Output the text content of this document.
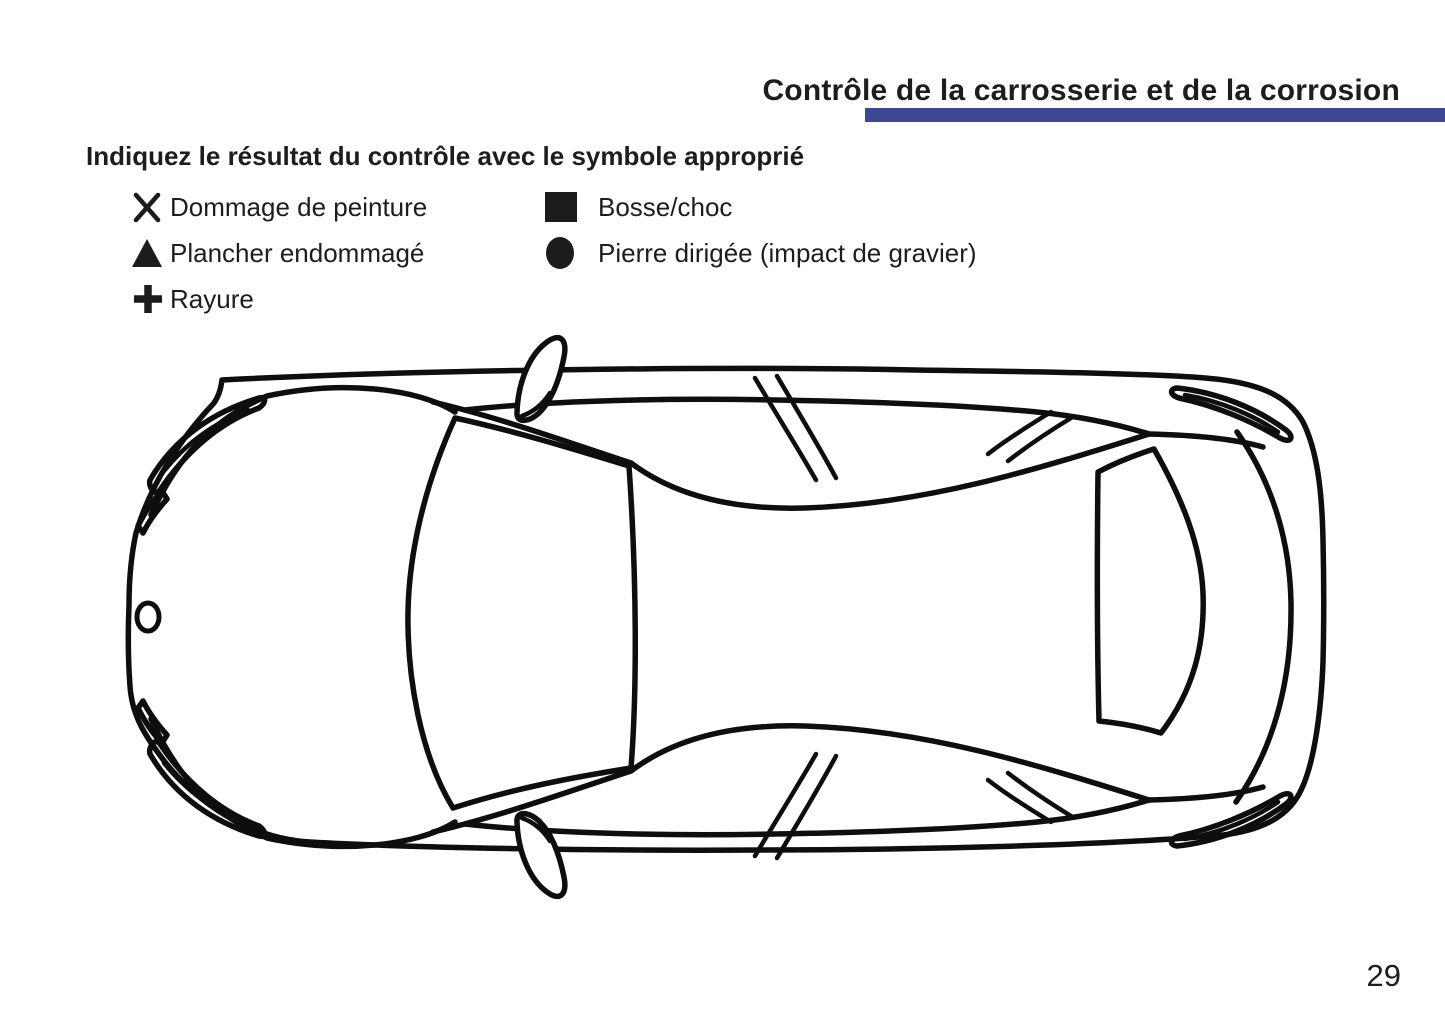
Contrôle de la carrosserie et de la corrosion
Indiquez le résultat du contrôle avec le symbole approprié
Dommage de peinture
Plancher endommagé
Rayure
Bosse/choc
Pierre dirigée (impact de gravier)
29
